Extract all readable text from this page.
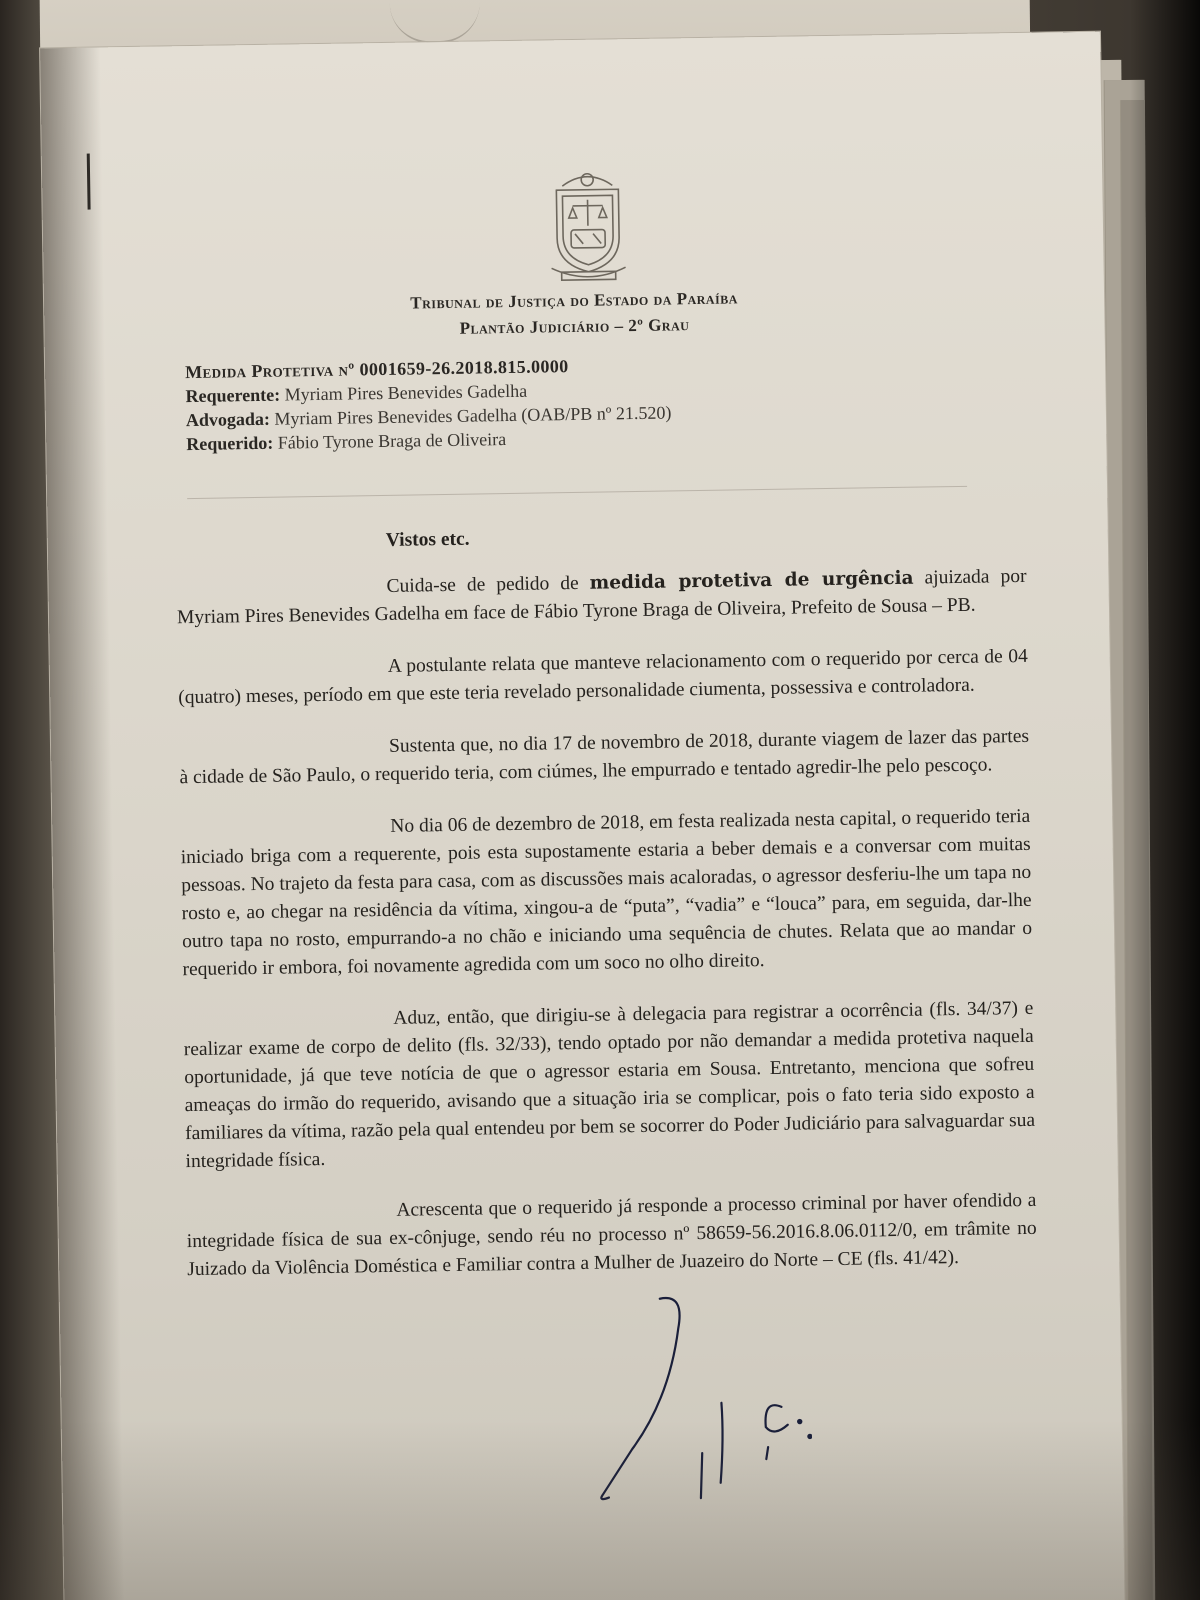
Tribunal de Justiça do Estado da Paraíba
Plantão Judiciário – 2º Grau
Medida Protetiva nº 0001659-26.2018.815.0000
Requerente: Myriam Pires Benevides Gadelha
Advogada: Myriam Pires Benevides Gadelha (OAB/PB nº 21.520)
Requerido: Fábio Tyrone Braga de Oliveira
Vistos etc.

Cuida-se de pedido de medida protetiva de urgência ajuizada por Myriam Pires Benevides Gadelha em face de Fábio Tyrone Braga de Oliveira, Prefeito de Sousa – PB.

A postulante relata que manteve relacionamento com o requerido por cerca de 04 (quatro) meses, período em que este teria revelado personalidade ciumenta, possessiva e controladora.

Sustenta que, no dia 17 de novembro de 2018, durante viagem de lazer das partes à cidade de São Paulo, o requerido teria, com ciúmes, lhe empurrado e tentado agredir-lhe pelo pescoço.

No dia 06 de dezembro de 2018, em festa realizada nesta capital, o requerido teria iniciado briga com a requerente, pois esta supostamente estaria a beber demais e a conversar com muitas pessoas. No trajeto da festa para casa, com as discussões mais acaloradas, o agressor desferiu-lhe um tapa no rosto e, ao chegar na residência da vítima, xingou-a de “puta”, “vadia” e “louca” para, em seguida, dar-lhe outro tapa no rosto, empurrando-a no chão e iniciando uma sequência de chutes. Relata que ao mandar o requerido ir embora, foi novamente agredida com um soco no olho direito.

Aduz, então, que dirigiu-se à delegacia para registrar a ocorrência (fls. 34/37) e realizar exame de corpo de delito (fls. 32/33), tendo optado por não demandar a medida protetiva naquela oportunidade, já que teve notícia de que o agressor estaria em Sousa. Entretanto, menciona que sofreu ameaças do irmão do requerido, avisando que a situação iria se complicar, pois o fato teria sido exposto a familiares da vítima, razão pela qual entendeu por bem se socorrer do Poder Judiciário para salvaguardar sua integridade física.

Acrescenta que o requerido já responde a processo criminal por haver ofendido a integridade física de sua ex-cônjuge, sendo réu no processo nº 58659-56.2016.8.06.0112/0, em trâmite no Juizado da Violência Doméstica e Familiar contra a Mulher de Juazeiro do Norte – CE (fls. 41/42).
